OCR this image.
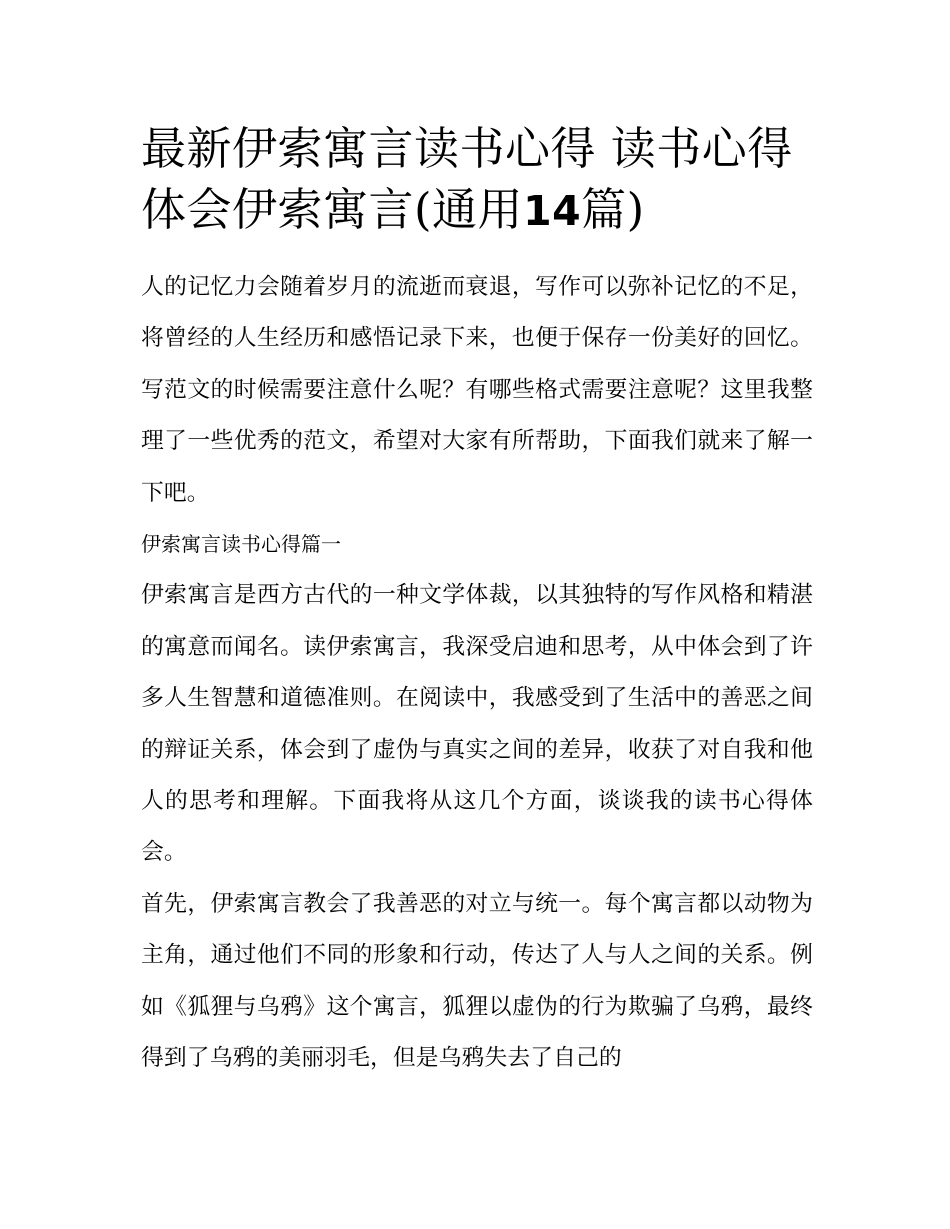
最新伊索寓言读书心得 读书心得体会伊索寓言(通用14篇)

人的记忆力会随着岁月的流逝而衰退，写作可以弥补记忆的不足，将曾经的人生经历和感悟记录下来，也便于保存一份美好的回忆。写范文的时候需要注意什么呢？有哪些格式需要注意呢？这里我整理了一些优秀的范文，希望对大家有所帮助，下面我们就来了解一下吧。

伊索寓言读书心得篇一

伊索寓言是西方古代的一种文学体裁，以其独特的写作风格和精湛的寓意而闻名。读伊索寓言，我深受启迪和思考，从中体会到了许多人生智慧和道德准则。在阅读中，我感受到了生活中的善恶之间的辩证关系，体会到了虚伪与真实之间的差异，收获了对自我和他人的思考和理解。下面我将从这几个方面，谈谈我的读书心得体会。

首先，伊索寓言教会了我善恶的对立与统一。每个寓言都以动物为主角，通过他们不同的形象和行动，传达了人与人之间的关系。例如《狐狸与乌鸦》这个寓言，狐狸以虚伪的行为欺骗了乌鸦，最终得到了乌鸦的美丽羽毛，但是乌鸦失去了自己的
